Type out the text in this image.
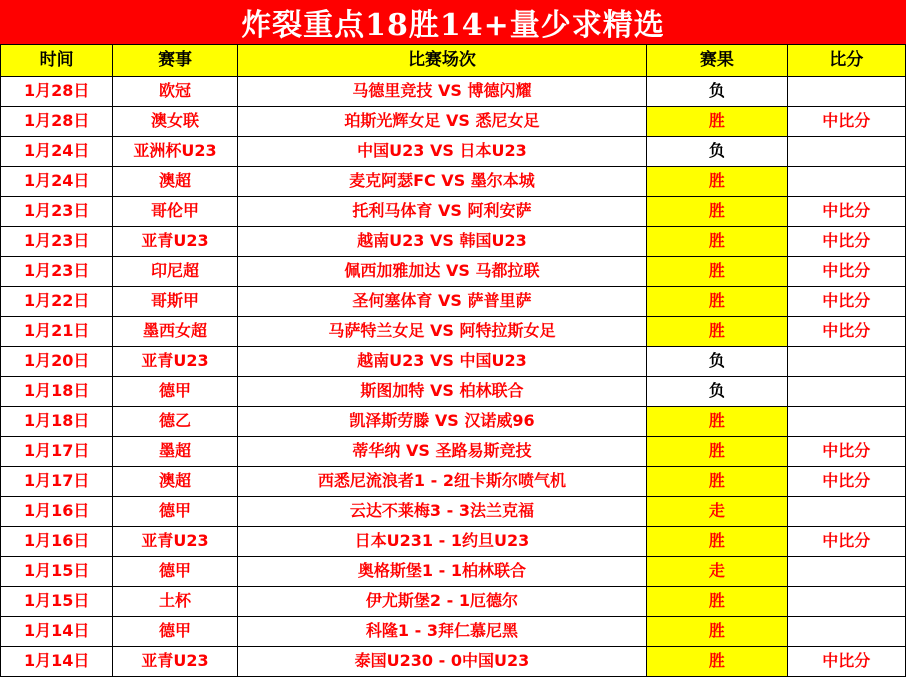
炸裂重点18胜14+量少求精选
时间	赛事	比赛场次	赛果	比分
1月28日	欧冠	马德里竞技 VS 博德闪耀	负	
1月28日	澳女联	珀斯光辉女足 VS 悉尼女足	胜	中比分
1月24日	亚洲杯U23	中国U23 VS 日本U23	负	
1月24日	澳超	麦克阿瑟FC VS 墨尔本城	胜	
1月23日	哥伦甲	托利马体育 VS 阿利安萨	胜	中比分
1月23日	亚青U23	越南U23 VS 韩国U23	胜	中比分
1月23日	印尼超	佩西加雅加达 VS 马都拉联	胜	中比分
1月22日	哥斯甲	圣何塞体育 VS 萨普里萨	胜	中比分
1月21日	墨西女超	马萨特兰女足 VS 阿特拉斯女足	胜	中比分
1月20日	亚青U23	越南U23 VS 中国U23	负	
1月18日	德甲	斯图加特 VS 柏林联合	负	
1月18日	德乙	凯泽斯劳滕 VS 汉诺威96	胜	
1月17日	墨超	蒂华纳 VS 圣路易斯竞技	胜	中比分
1月17日	澳超	西悉尼流浪者1 - 2纽卡斯尔喷气机	胜	中比分
1月16日	德甲	云达不莱梅3 - 3法兰克福	走	
1月16日	亚青U23	日本U231 - 1约旦U23	胜	中比分
1月15日	德甲	奥格斯堡1 - 1柏林联合	走	
1月15日	土杯	伊尤斯堡2 - 1厄德尔	胜	
1月14日	德甲	科隆1 - 3拜仁慕尼黑	胜	
1月14日	亚青U23	泰国U230 - 0中国U23	胜	中比分
